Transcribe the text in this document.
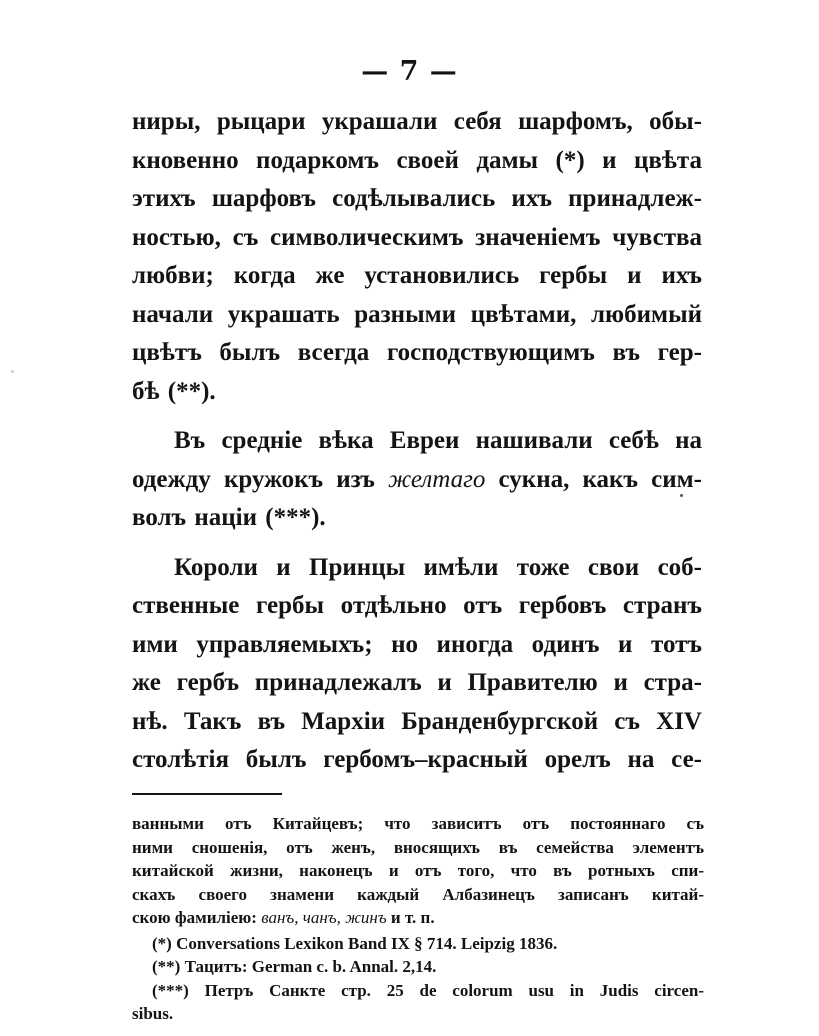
— 7 —

ниры, рыцари украшали себя шарфомъ, обы-
кновенно подаркомъ своей дамы (*) и цвѣта
этихъ шарфовъ содѣлывались ихъ принадлеж-
ностью, съ символическимъ значенiемъ чувства
любви; когда же установились гербы и ихъ
начали украшать разными цвѣтами, любимый
цвѣтъ былъ всегда господствующимъ въ гер-
бѣ (**).

Въ среднiе вѣка Евреи нашивали себѣ на
одежду кружокъ изъ желтаго сукна, какъ сим-
волъ нацiи (***).

Короли и Принцы имѣли тоже свои соб-
ственные гербы отдѣльно отъ гербовъ странъ
ими управляемыхъ; но иногда одинъ и тотъ
же гербъ принадлежалъ и Правителю и стра-
нѣ. Такъ въ Мархiи Бранденбургской съ XIV
столѣтiя былъ гербомъ–красный орелъ на се-

ванными отъ Китайцевъ; что зависитъ отъ постояннаго съ
ними сношенiя, отъ женъ, вносящихъ въ семейства элементъ
китайской жизни, наконецъ и отъ того, что въ ротныхъ спи-
скахъ своего знамени каждый Албазинецъ записанъ китай-
скою фамилiею: ванъ, чанъ, жинъ и т. п.
(*) Conversations Lexikon Band IX § 714. Leipzig 1836.
(**) Тацитъ: German c. b. Annal. 2,14.
(***) Петръ Санкте стр. 25 de colorum usu in Judis circen-
sibus.
